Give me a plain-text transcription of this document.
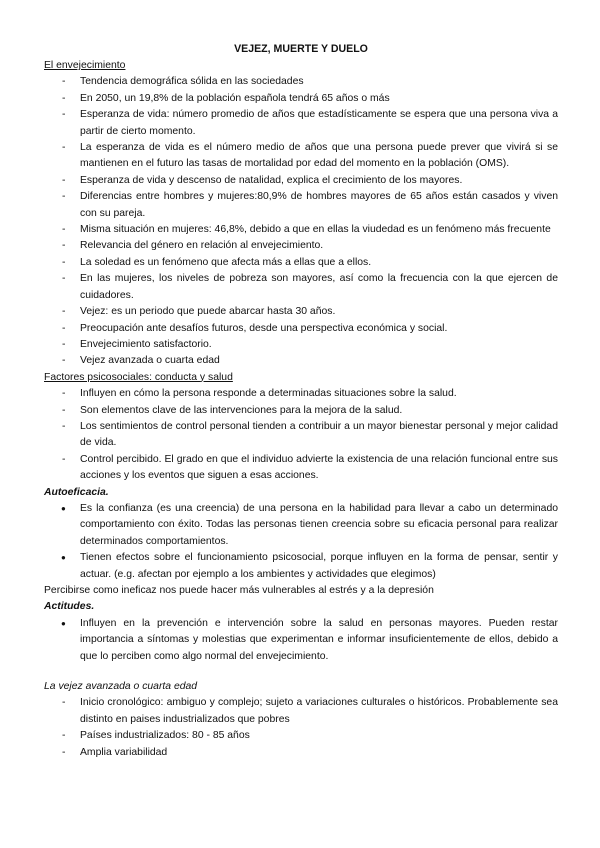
VEJEZ, MUERTE Y DUELO

El envejecimiento

- Tendencia demográfica sólida en las sociedades
- En 2050, un 19,8% de la población española tendrá 65 años o más
- Esperanza de vida: número promedio de años que estadísticamente se espera que una persona viva a partir de cierto momento.
- La esperanza de vida es el número medio de años que una persona puede prever que vivirá si se mantienen en el futuro las tasas de mortalidad por edad del momento en la población (OMS).
- Esperanza de vida y descenso de natalidad, explica el crecimiento de los mayores.
- Diferencias entre hombres y mujeres:80,9% de hombres mayores de 65 años están casados y viven con su pareja.
- Misma situación en mujeres: 46,8%, debido a que en ellas la viudedad es un fenómeno más frecuente
- Relevancia del género en relación al envejecimiento.
- La soledad es un fenómeno que afecta más a ellas que a ellos.
- En las mujeres, los niveles de pobreza son mayores, así como la frecuencia con la que ejercen de cuidadores.
- Vejez: es un periodo que puede abarcar hasta 30 años.
- Preocupación ante desafíos futuros, desde una perspectiva económica y social.
- Envejecimiento satisfactorio.
- Vejez avanzada o cuarta edad

Factores psicosociales: conducta y salud

- Influyen en cómo la persona responde a determinadas situaciones sobre la salud.
- Son elementos clave de las intervenciones para la mejora de la salud.
- Los sentimientos de control personal tienden a contribuir a un mayor bienestar personal y mejor calidad de vida.
- Control percibido. El grado en que el individuo advierte la existencia de una relación funcional entre sus acciones y los eventos que siguen a esas acciones.

Autoeficacia.

● Es la confianza (es una creencia) de una persona en la habilidad para llevar a cabo un determinado comportamiento con éxito. Todas las personas tienen creencia sobre su eficacia personal para realizar determinados comportamientos.
● Tienen efectos sobre el funcionamiento psicosocial, porque influyen en la forma de pensar, sentir y actuar. (e.g. afectan por ejemplo a los ambientes y actividades que elegimos)

Percibirse como ineficaz nos puede hacer más vulnerables al estrés y a la depresión

Actitudes.

● Influyen en la prevención e intervención sobre la salud en personas mayores. Pueden restar importancia a síntomas y molestias que experimentan e informar insuficientemente de ellos, debido a que lo perciben como algo normal del envejecimiento.

La vejez avanzada o cuarta edad

- Inicio cronológico: ambiguo y complejo; sujeto a variaciones culturales o históricos. Probablemente sea distinto en paises industrializados que pobres
- Países industrializados: 80 - 85 años
- Amplia variabilidad
